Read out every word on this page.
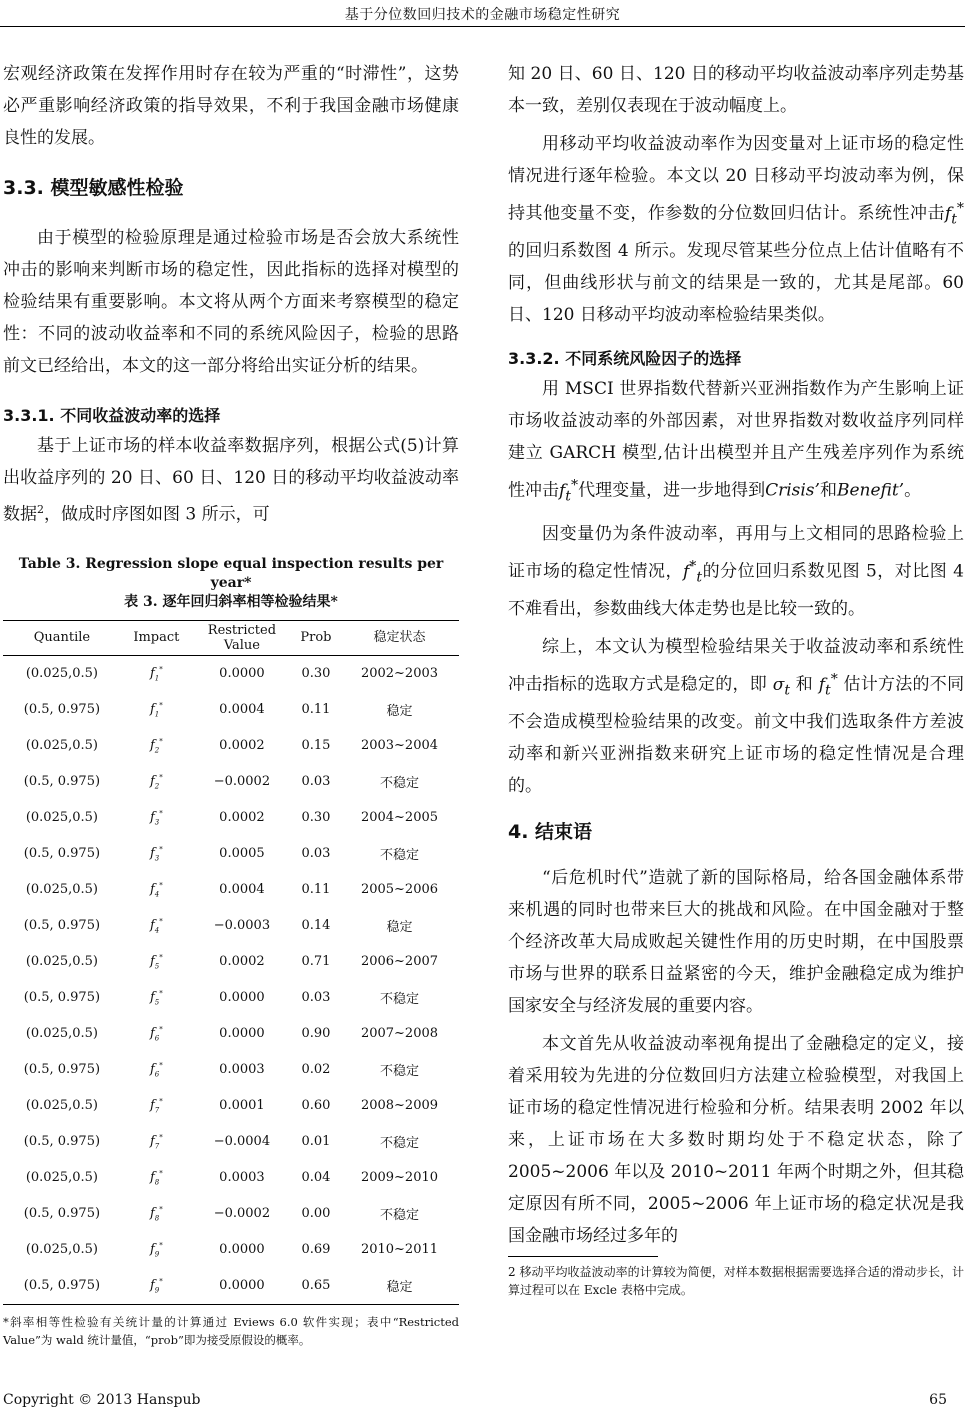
基于分位数回归技术的金融市场稳定性研究

宏观经济政策在发挥作用时存在较为严重的“时滞性”，这势必严重影响经济政策的指导效果，不利于我国金融市场健康良性的发展。

3.3. 模型敏感性检验

由于模型的检验原理是通过检验市场是否会放大系统性冲击的影响来判断市场的稳定性，因此指标的选择对模型的检验结果有重要影响。本文将从两个方面来考察模型的稳定性：不同的波动收益率和不同的系统风险因子，检验的思路前文已经给出，本文的这一部分将给出实证分析的结果。

3.3.1. 不同收益波动率的选择

基于上证市场的样本收益率数据序列，根据公式(5)计算出收益序列的 20 日、60 日、120 日的移动平均收益波动率数据$^2$，做成时序图如图 3 所示，可

Table 3. Regression slope equal inspection results per year*
表 3. 逐年回归斜率相等检验结果*
Quantile	Impact	Restricted Value	Prob	稳定状态
(0.025,0.5)	$f_1^*$	0.0000	0.30	2002~2003
(0.5, 0.975)	$f_1^*$	0.0004	0.11	稳定
(0.025,0.5)	$f_2^*$	0.0002	0.15	2003~2004
(0.5, 0.975)	$f_2^*$	−0.0002	0.03	不稳定
(0.025,0.5)	$f_3^*$	0.0002	0.30	2004~2005
(0.5, 0.975)	$f_3^*$	0.0005	0.03	不稳定
(0.025,0.5)	$f_4^*$	0.0004	0.11	2005~2006
(0.5, 0.975)	$f_4^*$	−0.0003	0.14	稳定
(0.025,0.5)	$f_5^*$	0.0002	0.71	2006~2007
(0.5, 0.975)	$f_5^*$	0.0000	0.03	不稳定
(0.025,0.5)	$f_6^*$	0.0000	0.90	2007~2008
(0.5, 0.975)	$f_6^*$	0.0003	0.02	不稳定
(0.025,0.5)	$f_7^*$	0.0001	0.60	2008~2009
(0.5, 0.975)	$f_7^*$	−0.0004	0.01	不稳定
(0.025,0.5)	$f_8^*$	0.0003	0.04	2009~2010
(0.5, 0.975)	$f_8^*$	−0.0002	0.00	不稳定
(0.025,0.5)	$f_9^*$	0.0000	0.69	2010~2011
(0.5, 0.975)	$f_9^*$	0.0000	0.65	稳定
*斜率相等性检验有关统计量的计算通过 Eviews 6.0 软件实现；表中“Restricted Value”为 wald 统计量值，“prob”即为接受原假设的概率。

知 20 日、60 日、120 日的移动平均收益波动率序列走势基本一致，差别仅表现在于波动幅度上。

用移动平均收益波动率作为因变量对上证市场的稳定性情况进行逐年检验。本文以 20 日移动平均波动率为例，保持其他变量不变，作参数的分位数回归估计。系统性冲击$f_t^*$的回归系数图 4 所示。发现尽管某些分位点上估计值略有不同，但曲线形状与前文的结果是一致的，尤其是尾部。60 日、120 日移动平均波动率检验结果类似。

3.3.2. 不同系统风险因子的选择

用 MSCI 世界指数代替新兴亚洲指数作为产生影响上证市场收益波动率的外部因素，对世界指数对数收益序列同样建立 GARCH 模型,估计出模型并且产生残差序列作为系统性冲击$f_t^*$代理变量，进一步地得到Crisis’和Benefit’。

因变量仍为条件波动率，再用与上文相同的思路检验上证市场的稳定性情况，$f^*_t$的分位回归系数见图 5，对比图 4 不难看出，参数曲线大体走势也是比较一致的。

综上，本文认为模型检验结果关于收益波动率和系统性冲击指标的选取方式是稳定的，即 $\sigma_t$ 和 $f_t^*$ 估计方法的不同不会造成模型检验结果的改变。前文中我们选取条件方差波动率和新兴亚洲指数来研究上证市场的稳定性情况是合理的。

4. 结束语

“后危机时代”造就了新的国际格局，给各国金融体系带来机遇的同时也带来巨大的挑战和风险。在中国金融对于整个经济改革大局成败起关键性作用的历史时期，在中国股票市场与世界的联系日益紧密的今天，维护金融稳定成为维护国家安全与经济发展的重要内容。

本文首先从收益波动率视角提出了金融稳定的定义，接着采用较为先进的分位数回归方法建立检验模型，对我国上证市场的稳定性情况进行检验和分析。结果表明 2002 年以来，上证市场在大多数时期均处于不稳定状态，除了 2005~2006 年以及 2010~2011 年两个时期之外，但其稳定原因有所不同，2005~2006 年上证市场的稳定状况是我国金融市场经过多年的

2 移动平均收益波动率的计算较为简便，对样本数据根据需要选择合适的滑动步长，计算过程可以在 Excle 表格中完成。
Copyright © 2013 Hanspub	65
